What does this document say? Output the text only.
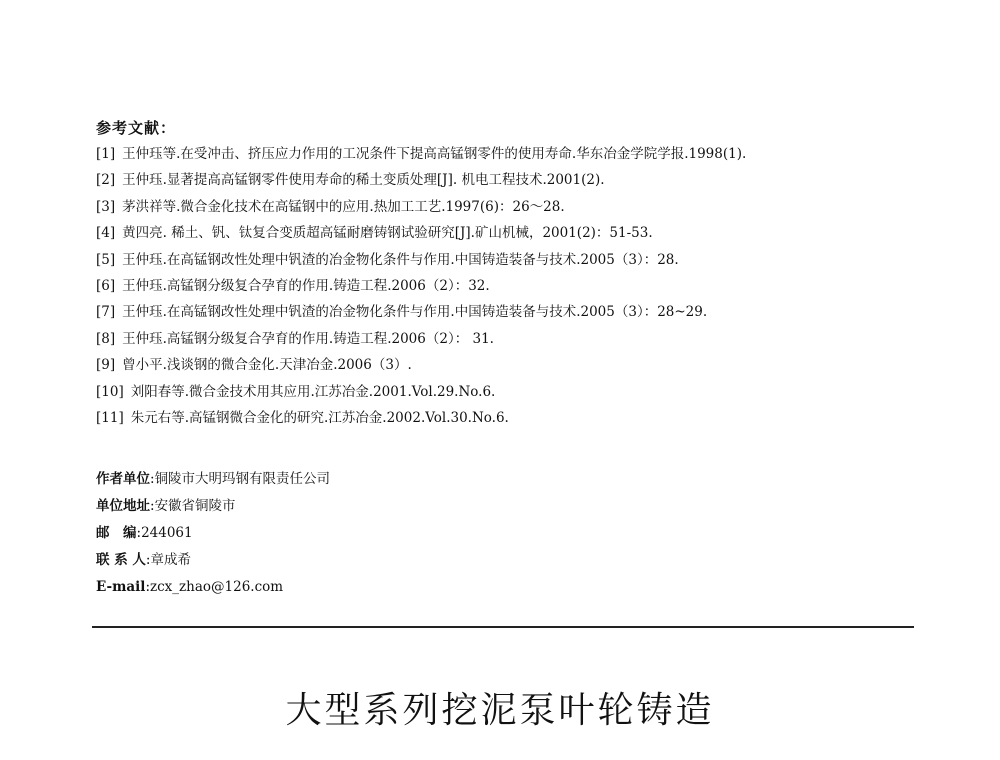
参考文献：
[1] 王仲珏等.在受冲击、挤压应力作用的工况条件下提高高锰钢零件的使用寿命.华东冶金学院学报.1998(1).
[2] 王仲珏.显著提高高锰钢零件使用寿命的稀土变质处理[J]. 机电工程技术.2001(2).
[3] 茅洪祥等.微合金化技术在高锰钢中的应用.热加工工艺.1997(6)：26～28.
[4] 黄四亮. 稀土、钒、钛复合变质超高锰耐磨铸钢试验研究[J].矿山机械，2001(2)：51-53.
[5] 王仲珏.在高锰钢改性处理中钒渣的冶金物化条件与作用.中国铸造装备与技术.2005（3）：28.
[6] 王仲珏.高锰钢分级复合孕育的作用.铸造工程.2006（2）：32.
[7] 王仲珏.在高锰钢改性处理中钒渣的冶金物化条件与作用.中国铸造装备与技术.2005（3）：28~29.
[8] 王仲珏.高锰钢分级复合孕育的作用.铸造工程.2006（2）： 31.
[9] 曾小平.浅谈钢的微合金化.天津冶金.2006（3）.
[10] 刘阳春等.微合金技术用其应用.江苏冶金.2001.Vol.29.No.6.
[11] 朱元右等.高锰钢微合金化的研究.江苏冶金.2002.Vol.30.No.6.
作者单位:铜陵市大明玛钢有限责任公司
单位地址:安徽省铜陵市
邮　编:244061
联 系 人:章成希
E-mail:zcx_zhao@126.com
大型系列挖泥泵叶轮铸造
